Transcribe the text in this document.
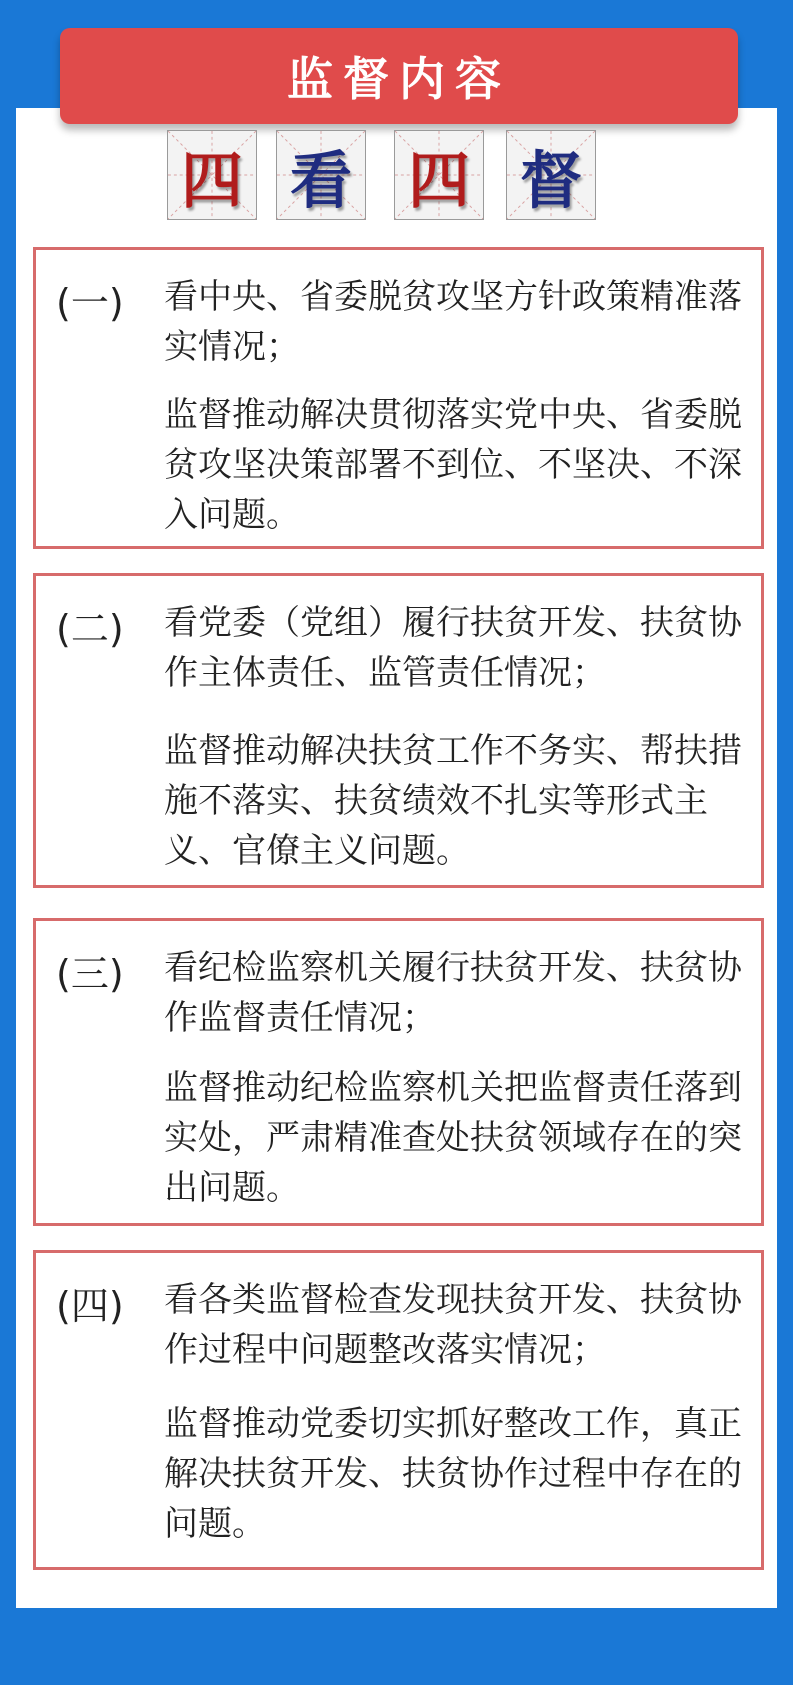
监督内容
四 看 四 督
(一) 看中央、省委脱贫攻坚方针政策精准落实情况；
监督推动解决贯彻落实党中央、省委脱贫攻坚决策部署不到位、不坚决、不深入问题。
(二) 看党委（党组）履行扶贫开发、扶贫协作主体责任、监管责任情况；
监督推动解决扶贫工作不务实、帮扶措施不落实、扶贫绩效不扎实等形式主义、官僚主义问题。
(三) 看纪检监察机关履行扶贫开发、扶贫协作监督责任情况；
监督推动纪检监察机关把监督责任落到实处，严肃精准查处扶贫领域存在的突出问题。
(四) 看各类监督检查发现扶贫开发、扶贫协作过程中问题整改落实情况；
监督推动党委切实抓好整改工作，真正解决扶贫开发、扶贫协作过程中存在的问题。
